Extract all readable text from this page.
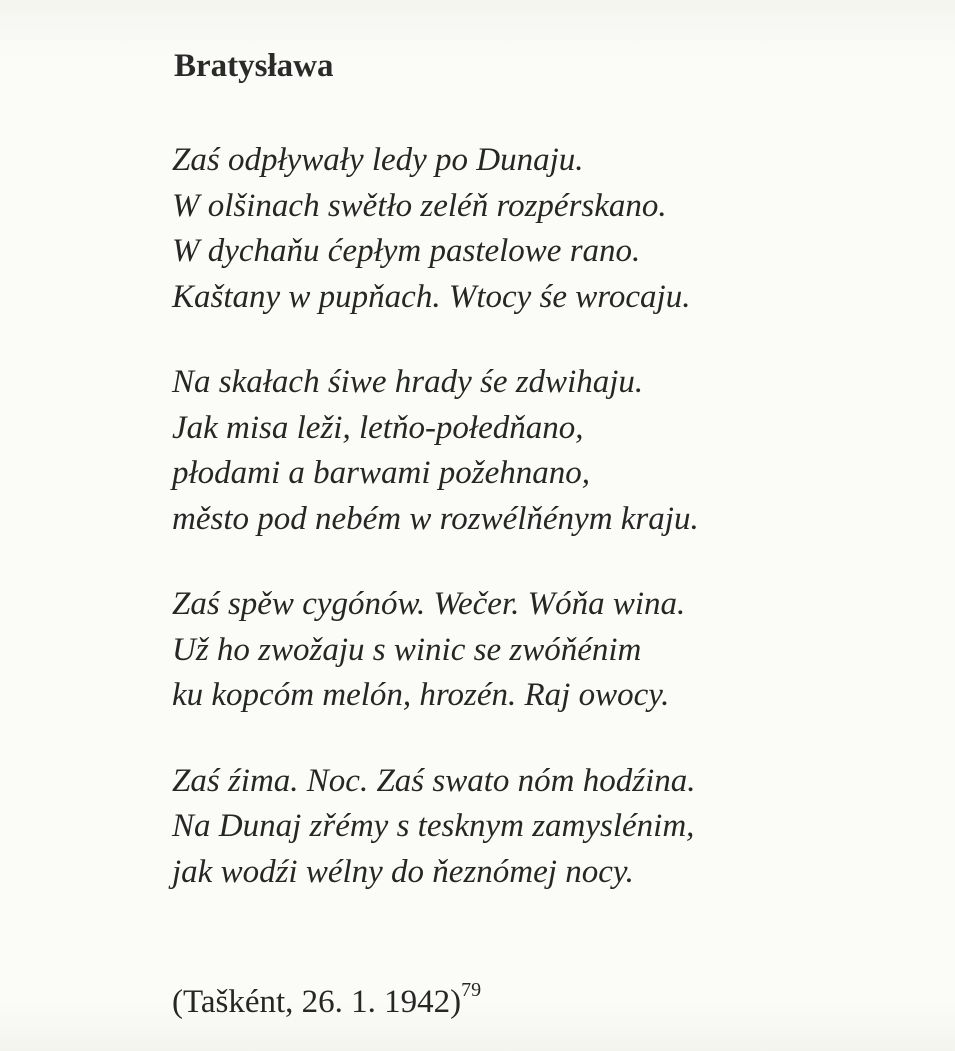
Bratysława
Zaś odpływały ledy po Dunaju.
W olšinach swětło zeléň rozpérskano.
W dychaňu ćepłym pastelowe rano.
Kaštany w pupňach. Wtocy śe wrocaju.
Na skałach śiwe hrady śe zdwihaju.
Jak misa leži, letňo-połedňano,
płodami a barwami požehnano,
město pod nebém w rozwélňénym kraju.
Zaś spěw cygónów. Wečer. Wóňa wina.
Už ho zwožaju s winic se zwóňénim
ku kopcóm melón, hrozén. Raj owocy.
Zaś źima. Noc. Zaś swato nóm hodźina.
Na Dunaj zřémy s tesknym zamyslénim,
jak wodźi wélny do ňeznómej nocy.
(Tašként, 26. 1. 1942)$^{79}$
